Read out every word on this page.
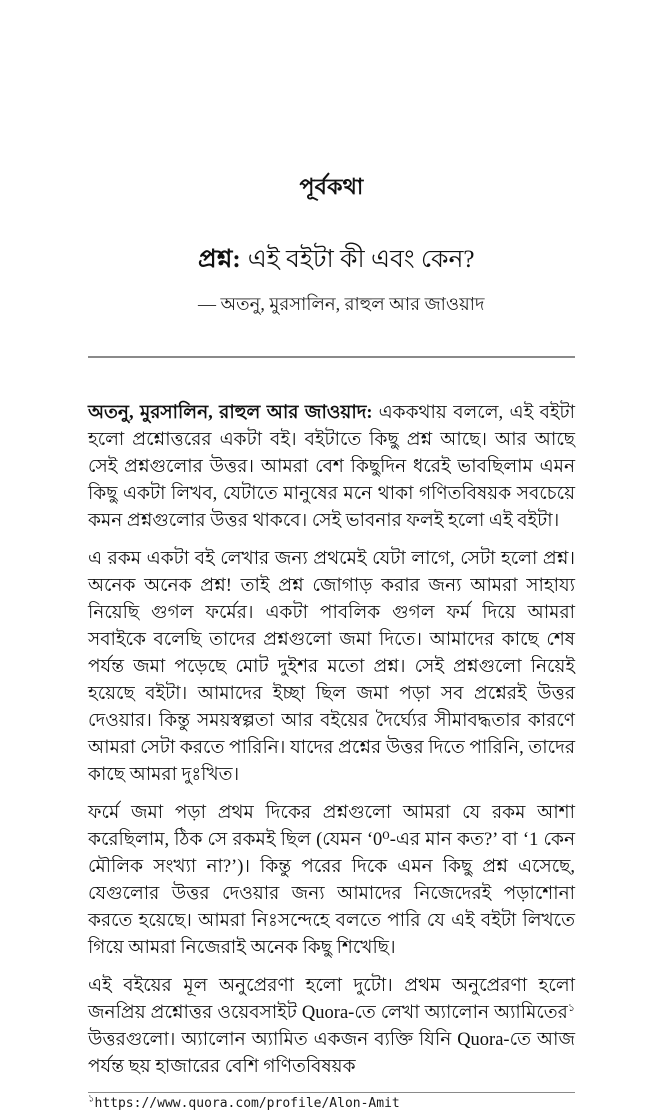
পূর্বকথা
প্রশ্ন: এই বইটা কী এবং কেন?
— অতনু, মুরসালিন, রাহুল আর জাওয়াদ

অতনু, মুরসালিন, রাহুল আর জাওয়াদ: এককথায় বললে, এই বইটা হলো প্রশ্নোত্তরের একটা বই। বইটাতে কিছু প্রশ্ন আছে। আর আছে সেই প্রশ্নগুলোর উত্তর। আমরা বেশ কিছুদিন ধরেই ভাবছিলাম এমন কিছু একটা লিখব, যেটাতে মানুষের মনে থাকা গণিতবিষয়ক সবচেয়ে কমন প্রশ্নগুলোর উত্তর থাকবে। সেই ভাবনার ফলই হলো এই বইটা।

এ রকম একটা বই লেখার জন্য প্রথমেই যেটা লাগে, সেটা হলো প্রশ্ন। অনেক অনেক প্রশ্ন! তাই প্রশ্ন জোগাড় করার জন্য আমরা সাহায্য নিয়েছি গুগল ফর্মের। একটা পাবলিক গুগল ফর্ম দিয়ে আমরা সবাইকে বলেছি তাদের প্রশ্নগুলো জমা দিতে। আমাদের কাছে শেষ পর্যন্ত জমা পড়েছে মোট দুইশর মতো প্রশ্ন। সেই প্রশ্নগুলো নিয়েই হয়েছে বইটা। আমাদের ইচ্ছা ছিল জমা পড়া সব প্রশ্নেরই উত্তর দেওয়ার। কিন্তু সময়স্বল্পতা আর বইয়ের দৈর্ঘ্যের সীমাবদ্ধতার কারণে আমরা সেটা করতে পারিনি। যাদের প্রশ্নের উত্তর দিতে পারিনি, তাদের কাছে আমরা দুঃখিত।

ফর্মে জমা পড়া প্রথম দিকের প্রশ্নগুলো আমরা যে রকম আশা করেছিলাম, ঠিক সে রকমই ছিল (যেমন ‘0⁰-এর মান কত?’ বা ‘1 কেন মৌলিক সংখ্যা না?’)। কিন্তু পরের দিকে এমন কিছু প্রশ্ন এসেছে, যেগুলোর উত্তর দেওয়ার জন্য আমাদের নিজেদেরই পড়াশোনা করতে হয়েছে। আমরা নিঃসন্দেহে বলতে পারি যে এই বইটা লিখতে গিয়ে আমরা নিজেরাই অনেক কিছু শিখেছি।

এই বইয়ের মূল অনুপ্রেরণা হলো দুটো। প্রথম অনুপ্রেরণা হলো জনপ্রিয় প্রশ্নোত্তর ওয়েবসাইট Quora-তে লেখা অ্যালোন অ্যামিতের$^১$ উত্তরগুলো। অ্যালোন অ্যামিত একজন ব্যক্তি যিনি Quora-তে আজ পর্যন্ত ছয় হাজারের বেশি গণিতবিষয়ক

$^১$https://www.quora.com/profile/Alon-Amit
